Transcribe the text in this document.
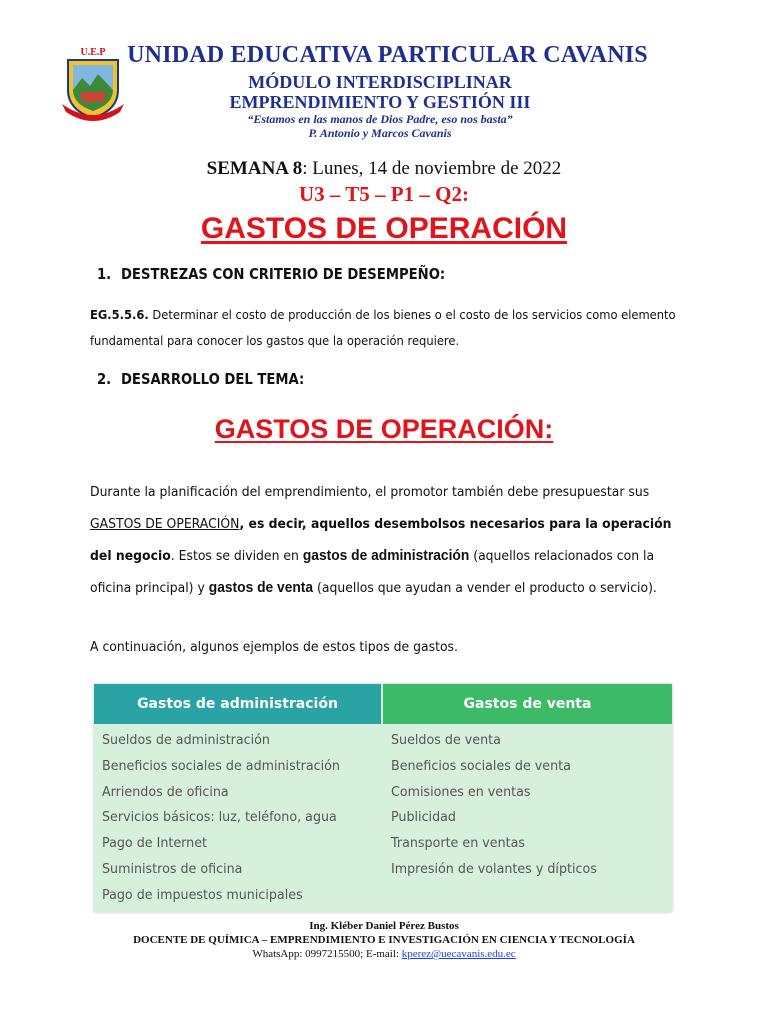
U.E.P UNIDAD EDUCATIVA PARTICULAR CAVANIS
MÓDULO INTERDISCIPLINAR
EMPRENDIMIENTO Y GESTIÓN III
“Estamos en las manos de Dios Padre, eso nos basta”
P. Antonio y Marcos Cavanis
SEMANA 8: Lunes, 14 de noviembre de 2022
U3 – T5 – P1 – Q2:
GASTOS DE OPERACIÓN
1. DESTREZAS CON CRITERIO DE DESEMPEÑO:
EG.5.5.6. Determinar el costo de producción de los bienes o el costo de los servicios como elemento fundamental para conocer los gastos que la operación requiere.
2. DESARROLLO DEL TEMA:
GASTOS DE OPERACIÓN:
Durante la planificación del emprendimiento, el promotor también debe presupuestar sus GASTOS DE OPERACIÓN, es decir, aquellos desembolsos necesarios para la operación del negocio. Estos se dividen en gastos de administración (aquellos relacionados con la oficina principal) y gastos de venta (aquellos que ayudan a vender el producto o servicio).
A continuación, algunos ejemplos de estos tipos de gastos.
Gastos de administración	Gastos de venta
Sueldos de administración
Beneficios sociales de administración
Arriendos de oficina
Servicios básicos: luz, teléfono, agua
Pago de Internet
Suministros de oficina
Pago de impuestos municipales
Sueldos de venta
Beneficios sociales de venta
Comisiones en ventas
Publicidad
Transporte en ventas
Impresión de volantes y dípticos
Ing. Kléber Daniel Pérez Bustos
DOCENTE DE QUÍMICA – EMPRENDIMIENTO E INVESTIGACIÓN EN CIENCIA Y TECNOLOGÍA
WhatsApp: 0997215500; E-mail: kperez@uecavanis.edu.ec
